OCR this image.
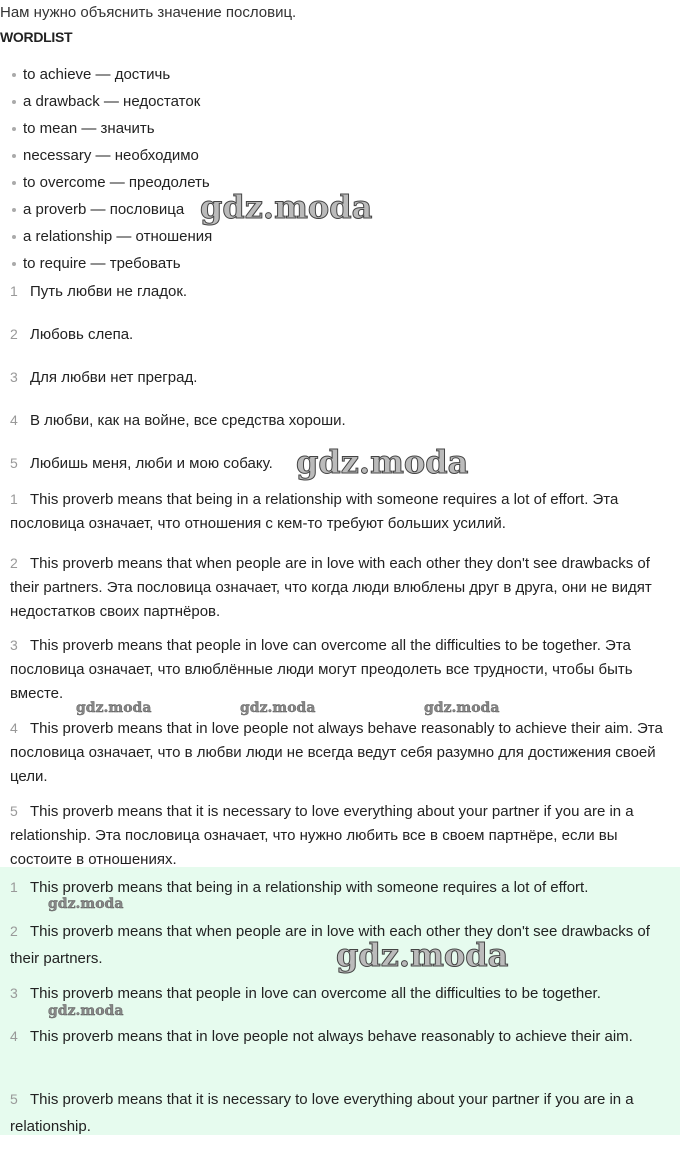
Нам нужно объяснить значение пословиц.
WORDLIST
to achieve — достичь
a drawback — недостаток
to mean — значить
necessary — необходимо
to overcome — преодолеть
a proverb — пословица
a relationship — отношения
to require — требовать
1 Путь любви не гладок.
2 Любовь слепа.
3 Для любви нет преград.
4 В любви, как на войне, все средства хороши.
5 Любишь меня, люби и мою собаку.
1 This proverb means that being in a relationship with someone requires a lot of effort. Эта пословица означает, что отношения с кем-то требуют больших усилий.
2 This proverb means that when people are in love with each other they don't see drawbacks of their partners. Эта пословица означает, что когда люди влюблены друг в друга, они не видят недостатков своих партнёров.
3 This proverb means that people in love can overcome all the difficulties to be together. Эта пословица означает, что влюблённые люди могут преодолеть все трудности, чтобы быть вместе.
4 This proverb means that in love people not always behave reasonably to achieve their aim. Эта пословица означает, что в любви люди не всегда ведут себя разумно для достижения своей цели.
5 This proverb means that it is necessary to love everything about your partner if you are in a relationship. Эта пословица означает, что нужно любить все в своем партнёре, если вы состоите в отношениях.
1 This proverb means that being in a relationship with someone requires a lot of effort.
2 This proverb means that when people are in love with each other they don't see drawbacks of their partners.
3 This proverb means that people in love can overcome all the difficulties to be together.
4 This proverb means that in love people not always behave reasonably to achieve their aim.
5 This proverb means that it is necessary to love everything about your partner if you are in a relationship.
gdz.moda
gdz.moda
gdz.moda	gdz.moda	gdz.moda
gdz.moda
gdz.moda
gdz.moda
